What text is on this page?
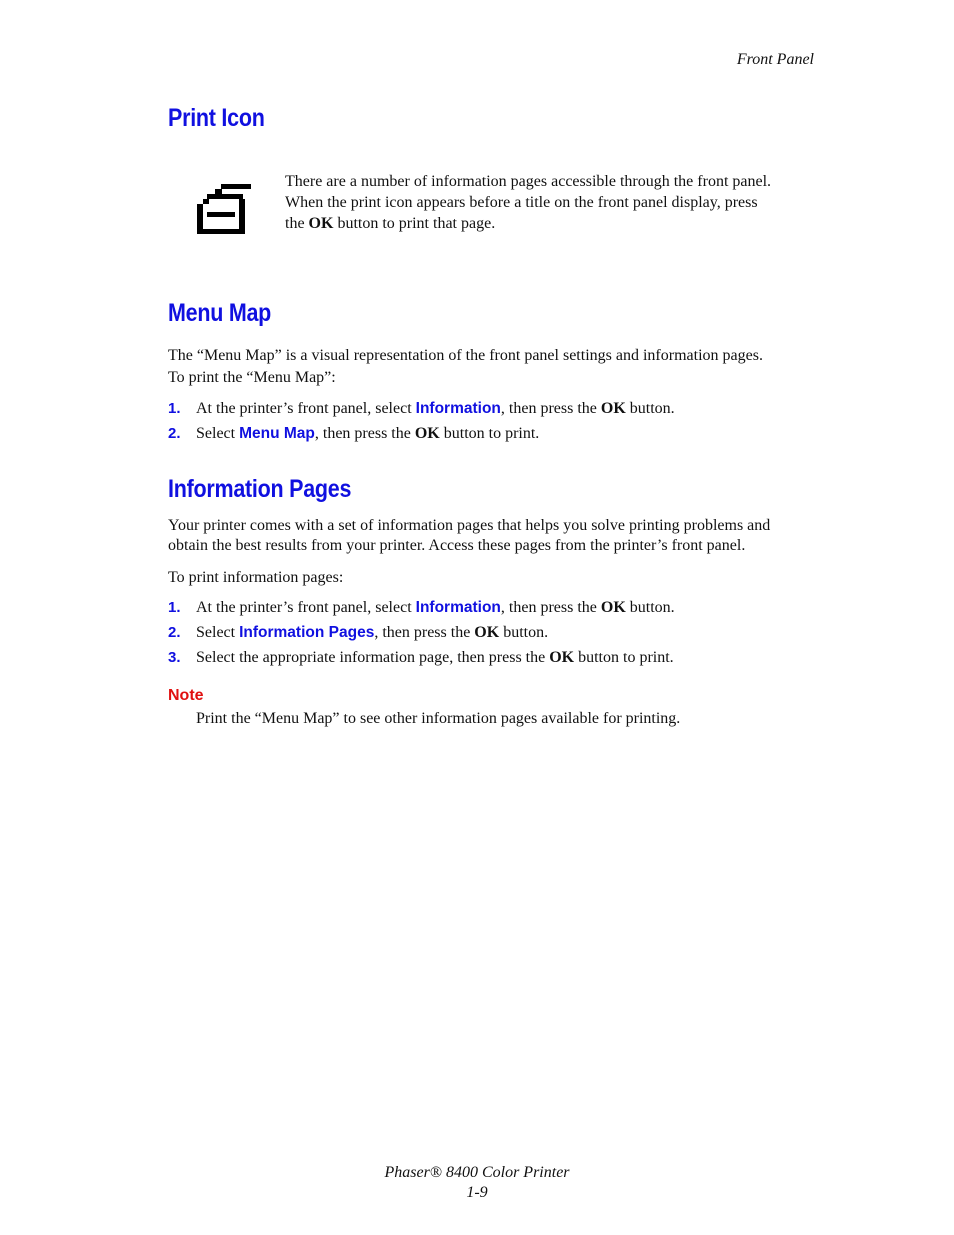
Front Panel
Print Icon
There are a number of information pages accessible through the front panel.
When the print icon appears before a title on the front panel display, press
the OK button to print that page.
Menu Map
The “Menu Map” is a visual representation of the front panel settings and information pages.
To print the “Menu Map”:
1. At the printer’s front panel, select Information, then press the OK button.
2. Select Menu Map, then press the OK button to print.
Information Pages
Your printer comes with a set of information pages that helps you solve printing problems and
obtain the best results from your printer. Access these pages from the printer’s front panel.
To print information pages:
1. At the printer’s front panel, select Information, then press the OK button.
2. Select Information Pages, then press the OK button.
3. Select the appropriate information page, then press the OK button to print.
Note
Print the “Menu Map” to see other information pages available for printing.
Phaser® 8400 Color Printer
1-9
